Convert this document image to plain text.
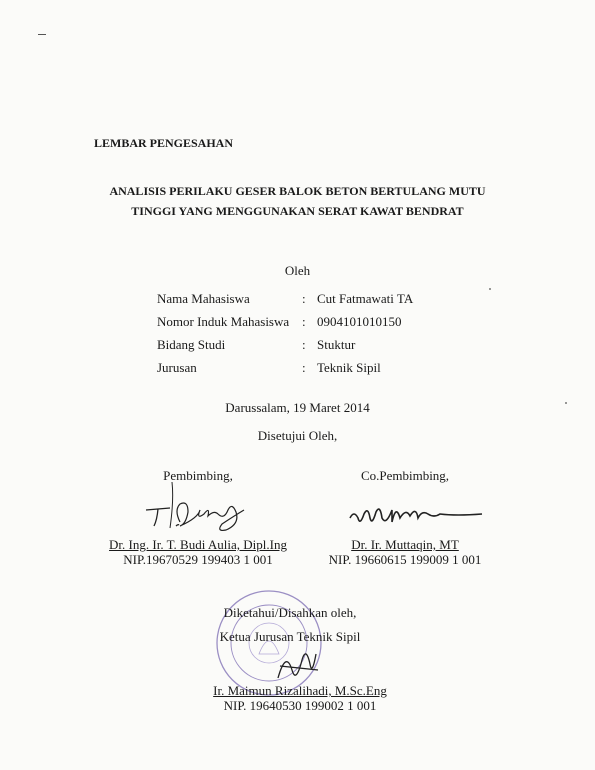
LEMBAR PENGESAHAN
ANALISIS PERILAKU GESER BALOK BETON BERTULANG MUTU
TINGGI YANG MENGGUNAKAN SERAT KAWAT BENDRAT
Oleh
Nama Mahasiswa	: Cut Fatmawati TA
Nomor Induk Mahasiswa : 0904101010150
Bidang Studi	: Stuktur
Jurusan	: Teknik Sipil
Darussalam, 19 Maret 2014
Disetujui Oleh,
Pembimbing,
Dr. Ing. Ir. T. Budi Aulia, Dipl.Ing
NIP.19670529 199403 1 001
Co.Pembimbing,
Dr. Ir. Muttaqin, MT
NIP. 19660615 199009 1 001
Diketahui/Disahkan oleh,
Ketua Jurusan Teknik Sipil
Ir. Maimun Rizalihadi, M.Sc.Eng
NIP. 19640530 199002 1 001
